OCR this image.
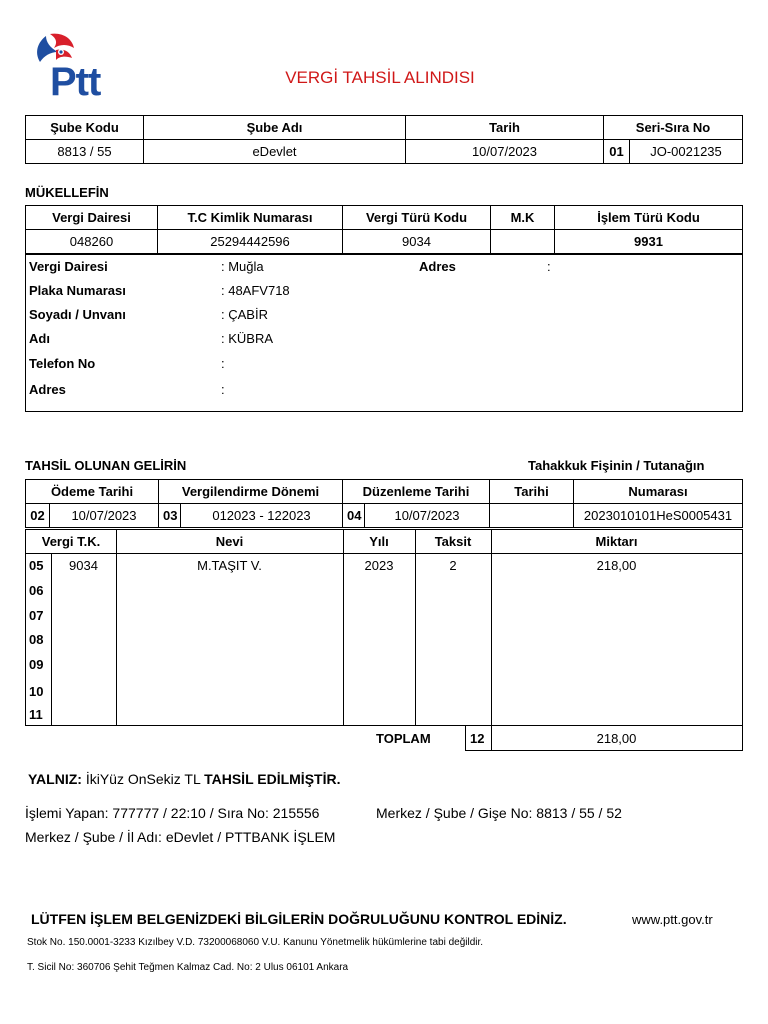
Ptt	VERGİ TAHSİL ALINDISI
Şube Kodu	Şube Adı	Tarih	Seri-Sıra No	
8813 / 55	eDevlet	10/07/2023	01	JO-0021235
MÜKELLEFİN
Vergi Dairesi	T.C Kimlik Numarası	Vergi Türü Kodu	M.K	İşlem Türü Kodu
048260	25294442596	9034		9931
Vergi Dairesi	: Muğla
Plaka Numarası	: 48AFV718
Soyadı / Unvanı	: ÇABİR
Adı	: KÜBRA
Telefon No	:
Adres	:
Adres	:
TAHSİL OLUNAN GELİRİN	Tahakkuk Fişinin / Tutanağın
Ödeme Tarihi		Vergilendirme Dönemi		Düzenleme Tarihi		Tarihi	Numarası
02	10/07/2023	03	012023 - 122023	04	10/07/2023		2023010101HeS0005431
Vergi T.K.	Nevi	Yılı	Taksit	Miktarı
05	9034	M.TAŞIT V.	2023	2	218,00
06
07
08
09
10
11
TOPLAM	12	218,00
YALNIZ: İkiYüz OnSekiz TL TAHSİL EDİLMİŞTİR.
İşlemi Yapan: 777777 / 22:10 / Sıra No: 215556	Merkez / Şube / Gişe No: 8813 / 55 / 52
Merkez / Şube / İl Adı: eDevlet / PTTBANK İŞLEM
LÜTFEN İŞLEM BELGENİZDEKİ BİLGİLERİN DOĞRULUĞUNU KONTROL EDİNİZ.	www.ptt.gov.tr
Stok No. 150.0001-3233 Kızılbey V.D. 73200068060 V.U. Kanunu Yönetmelik hükümlerine tabi değildir.
T. Sicil No: 360706 Şehit Teğmen Kalmaz Cad. No: 2 Ulus 06101 Ankara
